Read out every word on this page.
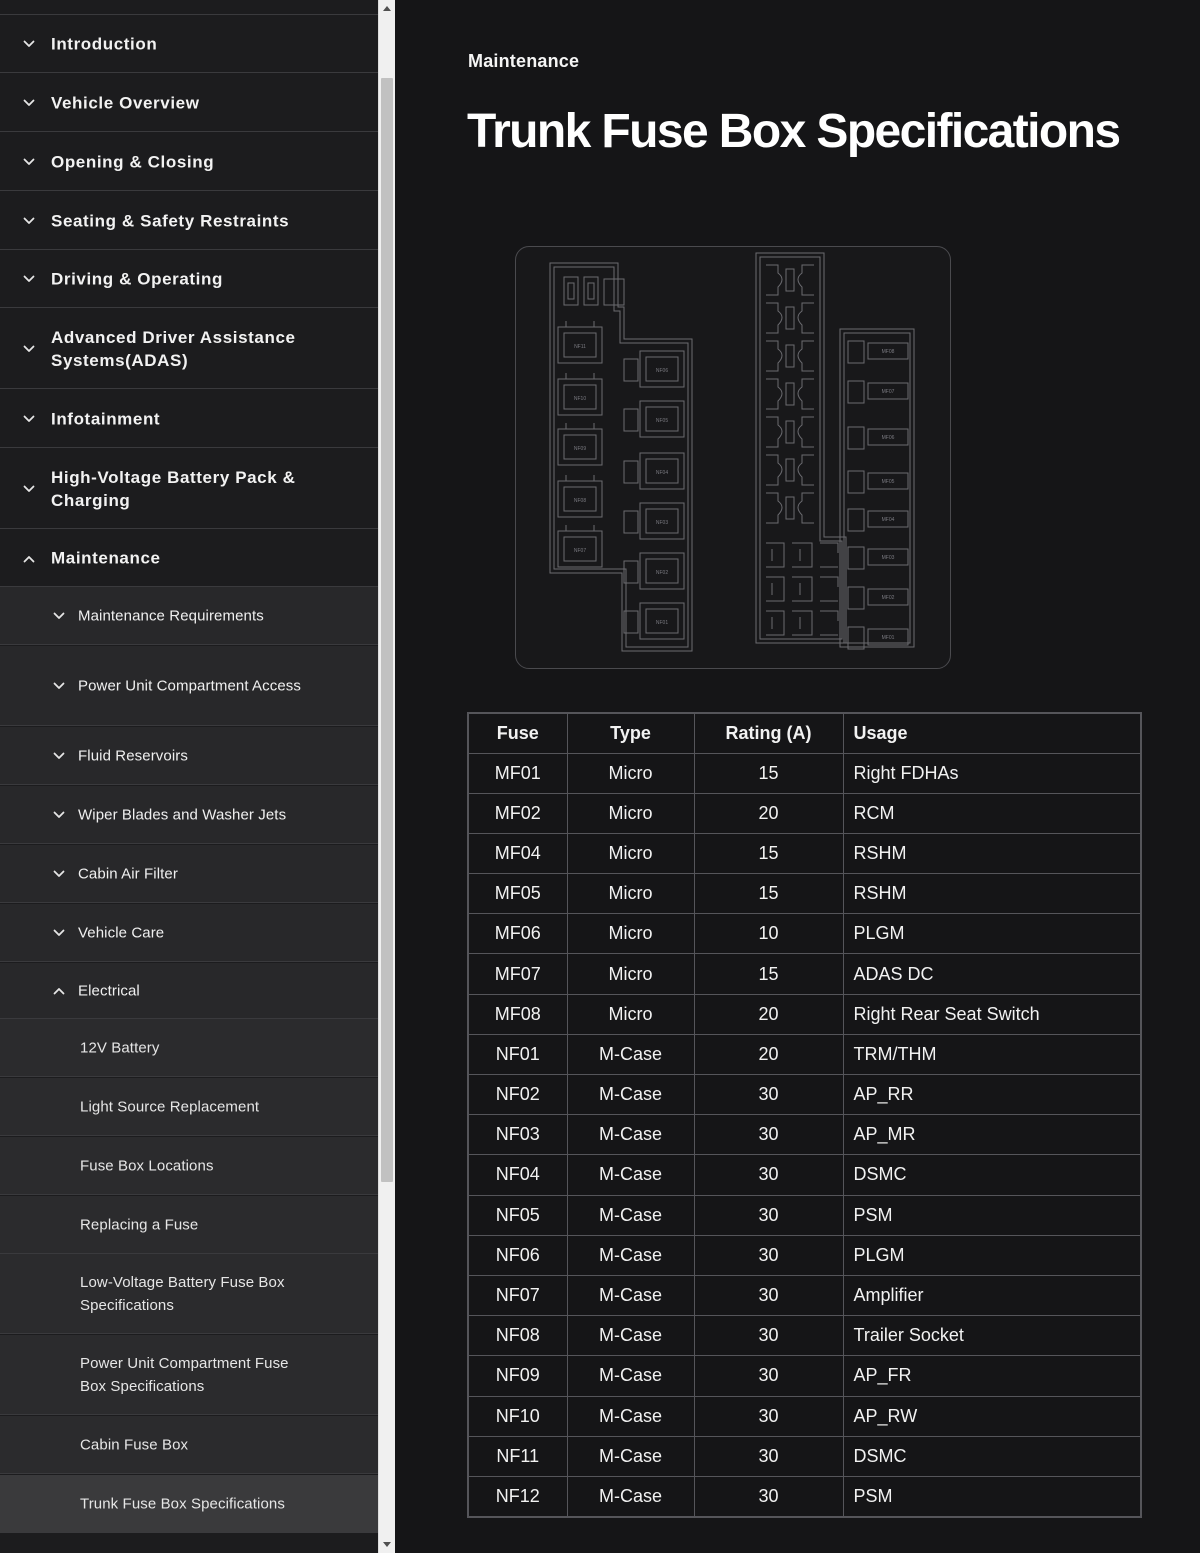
Introduction
Vehicle Overview
Opening & Closing
Seating & Safety Restraints
Driving & Operating
Advanced Driver Assistance Systems(ADAS)
Infotainment
High-Voltage Battery Pack & Charging
Maintenance
Maintenance Requirements
Power Unit Compartment Access
Fluid Reservoirs
Wiper Blades and Washer Jets
Cabin Air Filter
Vehicle Care
Electrical
12V Battery
Light Source Replacement
Fuse Box Locations
Replacing a Fuse
Low-Voltage Battery Fuse Box Specifications
Power Unit Compartment Fuse Box Specifications
Cabin Fuse Box
Trunk Fuse Box Specifications
Maintenance
Trunk Fuse Box Specifications
NF11
NF10
NF09
NF08
NF07
NF06
NF05
NF04
NF03
NF02
NF01
MF08
MF07
MF06
MF05
MF04
MF03
MF02
MF01
Fuse	Type	Rating (A)	Usage
MF01	Micro	15	Right FDHAs
MF02	Micro	20	RCM
MF04	Micro	15	RSHM
MF05	Micro	15	RSHM
MF06	Micro	10	PLGM
MF07	Micro	15	ADAS DC
MF08	Micro	20	Right Rear Seat Switch
NF01	M-Case	20	TRM/THM
NF02	M-Case	30	AP_RR
NF03	M-Case	30	AP_MR
NF04	M-Case	30	DSMC
NF05	M-Case	30	PSM
NF06	M-Case	30	PLGM
NF07	M-Case	30	Amplifier
NF08	M-Case	30	Trailer Socket
NF09	M-Case	30	AP_FR
NF10	M-Case	30	AP_RW
NF11	M-Case	30	DSMC
NF12	M-Case	30	PSM
